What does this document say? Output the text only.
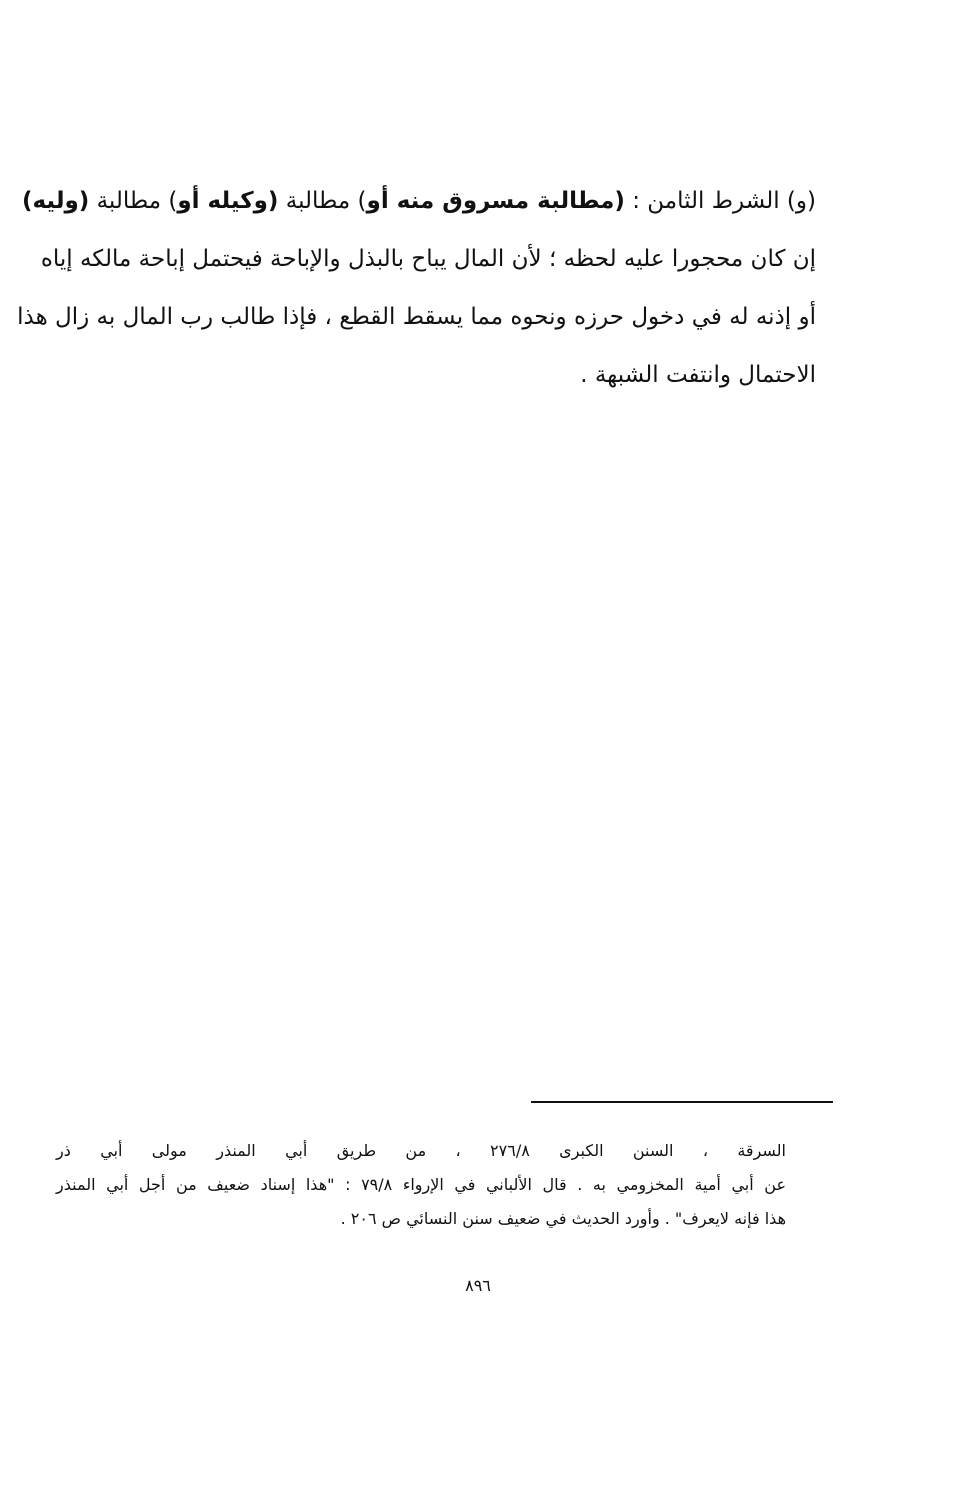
(و) الشرط الثامن : (مطالبة مسروق منه أو) مطالبة (وكيله أو) مطالبة (وليه)
إن كان محجورا عليه لحظه ؛ لأن المال يباح بالبذل والإباحة فيحتمل إباحة مالكه إياه
أو إذنه له في دخول حرزه ونحوه مما يسقط القطع ، فإذا طالب رب المال به زال هذا
الاحتمال وانتفت الشبهة .
السرقة ، السنن الكبرى ٢٧٦/٨ ، من طريق أبي المنذر مولى أبي ذر
عن أبي أمية المخزومي به . قال الألباني في الإرواء ٧٩/٨ : "هذا إسناد ضعيف من أجل أبي المنذر
هذا فإنه لايعرف" . وأورد الحديث في ضعيف سنن النسائي ص ٢٠٦ .
٨٩٦
